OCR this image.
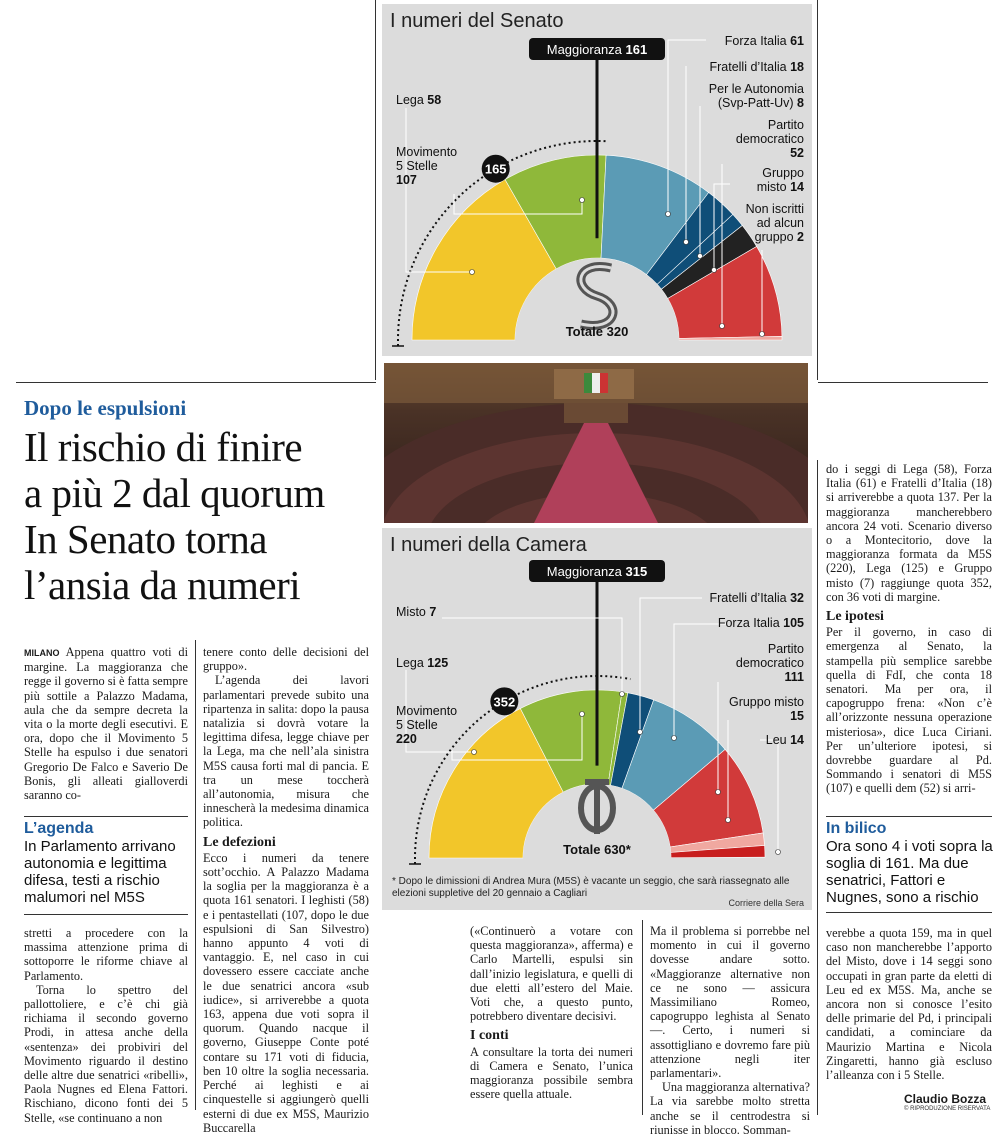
Dopo le espulsioni
Il rischio di finire
a più 2 dal quorum
In Senato torna
l’ansia da numeri

MILANO Appena quattro voti di margine. La maggioranza che regge il governo si è fatta sempre più sottile a Palazzo Madama, aula che da sempre decreta la vita o la morte degli esecutivi. E ora, dopo che il Movimento 5 Stelle ha espulso i due senatori Gregorio De Falco e Saverio De Bonis, gli alleati gialloverdi saranno co-

L’agenda
In Parlamento arrivano autonomia e legittima difesa, testi a rischio malumori nel M5S

stretti a procedere con la massima attenzione prima di sottoporre le riforme chiave al Parlamento.

Torna lo spettro del pallottoliere, e c’è chi già richiama il secondo governo Prodi, in attesa anche della «sentenza» dei probiviri del Movimento riguardo il destino delle altre due senatrici «ribelli», Paola Nugnes ed Elena Fattori. Rischiano, dicono fonti dei 5 Stelle, «se continuano a non

tenere conto delle decisioni del gruppo».

L’agenda dei lavori parlamentari prevede subito una ripartenza in salita: dopo la pausa natalizia si dovrà votare la legittima difesa, legge chiave per la Lega, ma che nell’ala sinistra M5S causa forti mal di pancia. E tra un mese toccherà all’autonomia, misura che innescherà la medesima dinamica politica.

Le defezioni

Ecco i numeri da tenere sott’occhio. A Palazzo Madama la soglia per la maggioranza è a quota 161 senatori. I leghisti (58) e i pentastellati (107, dopo le due espulsioni di San Silvestro) hanno appunto 4 voti di vantaggio. E, nel caso in cui dovessero essere cacciate anche le due senatrici ancora «sub iudice», si arriverebbe a quota 163, appena due voti sopra il quorum. Quando nacque il governo, Giuseppe Conte poté contare su 171 voti di fiducia, ben 10 oltre la soglia necessaria. Perché ai leghisti e ai cinquestelle si aggiungerò quelli esterni di due ex M5S, Maurizio Buccarella

(«Continuerò a votare con questa maggioranza», afferma) e Carlo Martelli, espulsi sin dall’inizio legislatura, e quelli di due eletti all’estero del Maie. Voti che, a questo punto, potrebbero diventare decisivi.

I conti

A consultare la torta dei numeri di Camera e Senato, l’unica maggioranza possibile sembra essere quella attuale.

Ma il problema si porrebbe nel momento in cui il governo dovesse andare sotto. «Maggioranze alternative non ce ne sono — assicura Massimiliano Romeo, capogruppo leghista al Senato —. Certo, i numeri si assottigliano e dovremo fare più attenzione negli iter parlamentari».

Una maggioranza alternativa? La via sarebbe molto stretta anche se il centrodestra si riunisse in blocco. Somman-

do i seggi di Lega (58), Forza Italia (61) e Fratelli d’Italia (18) si arriverebbe a quota 137. Per la maggioranza mancherebbero ancora 24 voti. Scenario diverso o a Montecitorio, dove la maggioranza formata da M5S (220), Lega (125) e Gruppo misto (7) raggiunge quota 352, con 36 voti di margine.

Le ipotesi

Per il governo, in caso di emergenza al Senato, la stampella più semplice sarebbe quella di FdI, che conta 18 senatori. Ma per ora, il capogruppo frena: «Non c’è all’orizzonte nessuna operazione misteriosa», dice Luca Ciriani. Per un’ulteriore ipotesi, si dovrebbe guardare al Pd. Sommando i senatori di M5S (107) e quelli dem (52) si arri-

In bilico
Ora sono 4 i voti sopra la soglia di 161. Ma due senatrici, Fattori e Nugnes, sono a rischio

verebbe a quota 159, ma in quel caso non mancherebbe l’apporto del Misto, dove i 14 seggi sono occupati in gran parte da eletti di Leu ed ex M5S. Ma, anche se ancora non si conosce l’esito delle primarie del Pd, i principali candidati, a cominciare da Maurizio Martina e Nicola Zingaretti, hanno già escluso l’alleanza con i 5 Stelle.

Claudio Bozza
© RIPRODUZIONE RISERVATA
I numeri del Senato
Maggioranza 161
165
Totale 320
Lega 58
Movimento
5 Stelle
107
Forza Italia 61
Fratelli d’Italia 18
Per le Autonomia
(Svp-Patt-Uv) 8
Partito
democratico
52
Gruppo
misto 14
Non iscritti
ad alcun
gruppo 2
I numeri della Camera
Maggioranza 315
352
Totale 630*
Misto 7
Lega 125
Movimento
5 Stelle
220
Fratelli d’Italia 32
Forza Italia 105
Partito
democratico
111
Gruppo misto
15
Leu 14
* Dopo le dimissioni di Andrea Mura (M5S) è vacante un seggio, che sarà riassegnato alle elezioni suppletive del 20 gennaio a Cagliari
Corriere della Sera
